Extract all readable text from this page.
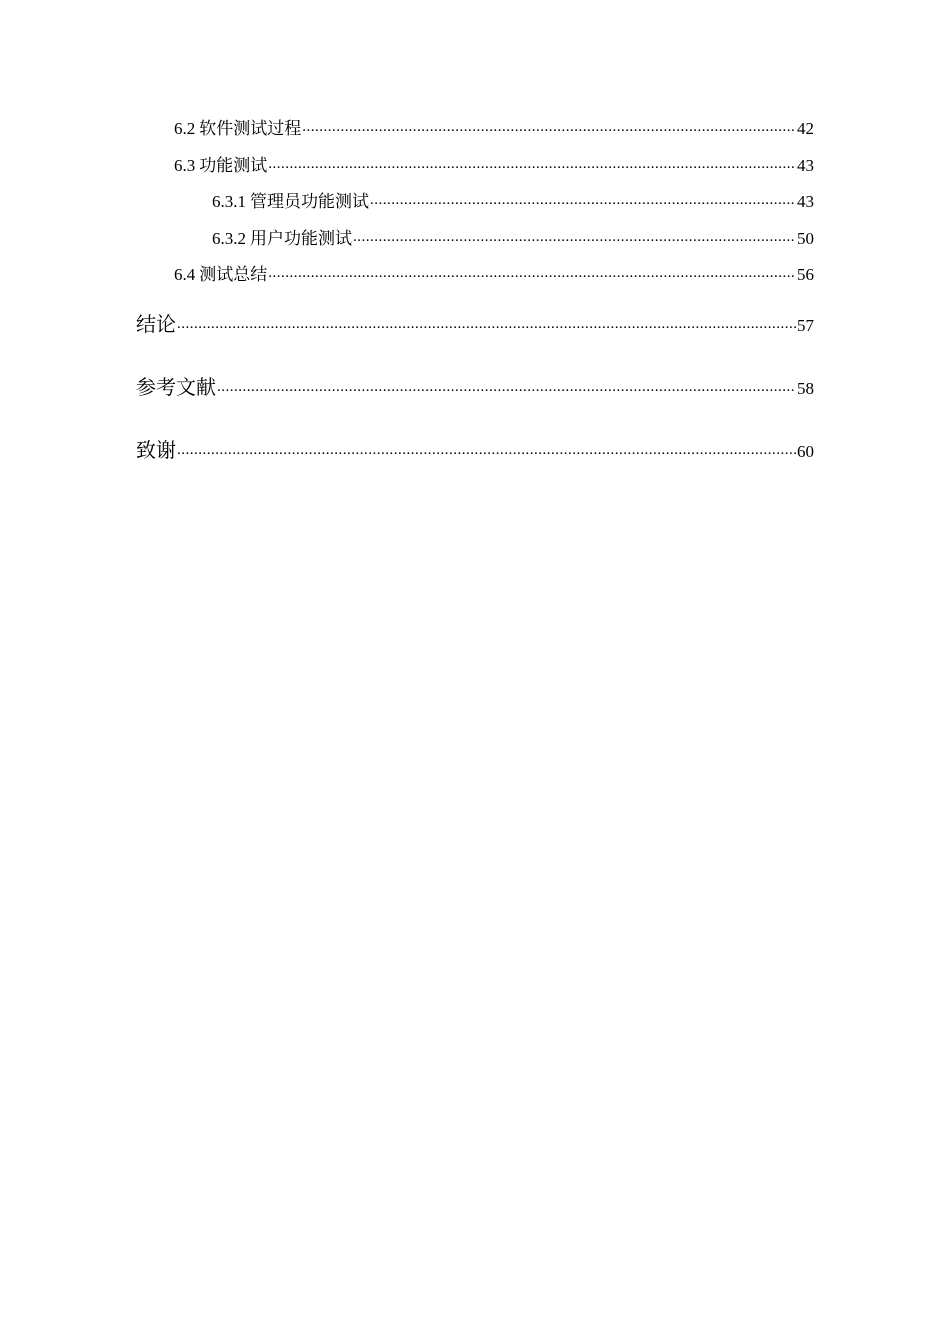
6.2 软件测试过程 .....	42
6.3 功能测试 .....	43
6.3.1 管理员功能测试 .....	43
6.3.2 用户功能测试 .....	50
6.4 测试总结 .....	56
结论 .....	57
参考文献 .....	58
致谢 .....	60
